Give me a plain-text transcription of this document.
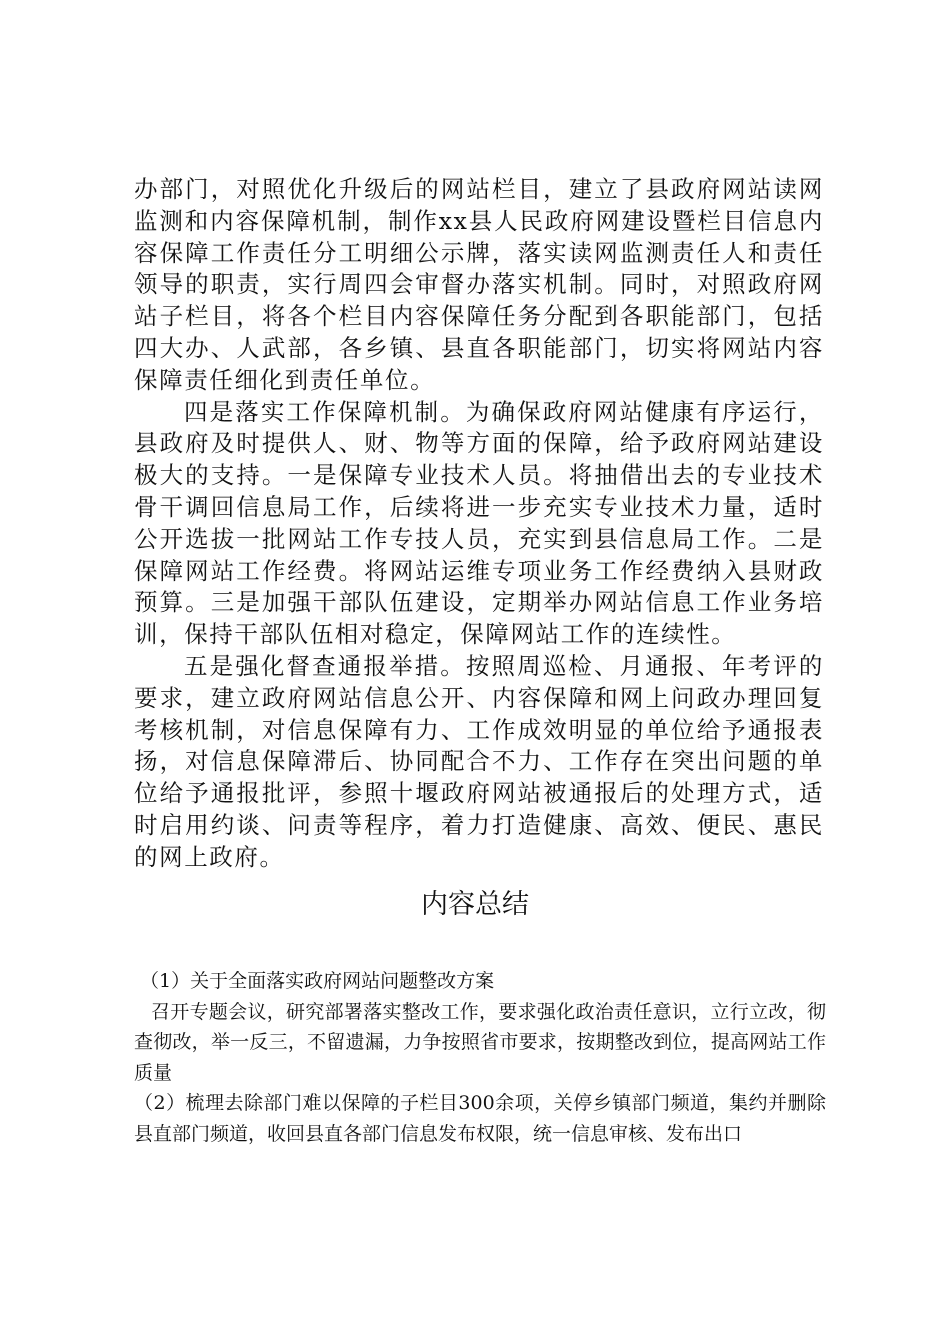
办部门，对照优化升级后的网站栏目，建立了县政府网站读网监测和内容保障机制，制作xx县人民政府网建设暨栏目信息内容保障工作责任分工明细公示牌，落实读网监测责任人和责任领导的职责，实行周四会审督办落实机制。同时，对照政府网站子栏目，将各个栏目内容保障任务分配到各职能部门，包括四大办、人武部，各乡镇、县直各职能部门，切实将网站内容保障责任细化到责任单位。

四是落实工作保障机制。为确保政府网站健康有序运行，县政府及时提供人、财、物等方面的保障，给予政府网站建设极大的支持。一是保障专业技术人员。将抽借出去的专业技术骨干调回信息局工作，后续将进一步充实专业技术力量，适时公开选拔一批网站工作专技人员，充实到县信息局工作。二是保障网站工作经费。将网站运维专项业务工作经费纳入县财政预算。三是加强干部队伍建设，定期举办网站信息工作业务培训，保持干部队伍相对稳定，保障网站工作的连续性。

五是强化督查通报举措。按照周巡检、月通报、年考评的要求，建立政府网站信息公开、内容保障和网上问政办理回复考核机制，对信息保障有力、工作成效明显的单位给予通报表扬，对信息保障滞后、协同配合不力、工作存在突出问题的单位给予通报批评，参照十堰政府网站被通报后的处理方式，适时启用约谈、问责等程序，着力打造健康、高效、便民、惠民的网上政府。

内容总结

（1）关于全面落实政府网站问题整改方案

召开专题会议，研究部署落实整改工作，要求强化政治责任意识，立行立改，彻查彻改，举一反三，不留遗漏，力争按照省市要求，按期整改到位，提高网站工作质量

（2）梳理去除部门难以保障的子栏目300余项，关停乡镇部门频道，集约并删除县直部门频道，收回县直各部门信息发布权限，统一信息审核、发布出口
